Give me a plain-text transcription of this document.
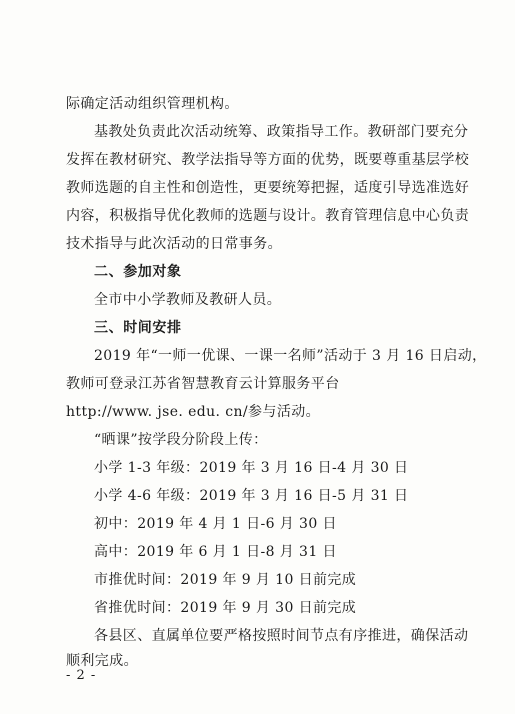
际确定活动组织管理机构。
基教处负责此次活动统筹、政策指导工作。教研部门要充分
发挥在教材研究、教学法指导等方面的优势，既要尊重基层学校
教师选题的自主性和创造性，更要统筹把握，适度引导选准选好
内容，积极指导优化教师的选题与设计。教育管理信息中心负责
技术指导与此次活动的日常事务。
二、参加对象
全市中小学教师及教研人员。
三、时间安排
2019 年“一师一优课、一课一名师”活动于 3 月 16 日启动，
教师可登录江苏省智慧教育云计算服务平台
http://www. jse. edu. cn/参与活动。
“晒课”按学段分阶段上传：
小学 1-3 年级：2019 年 3 月 16 日-4 月 30 日
小学 4-6 年级：2019 年 3 月 16 日-5 月 31 日
初中：2019 年 4 月 1 日-6 月 30 日
高中：2019 年 6 月 1 日-8 月 31 日
市推优时间：2019 年 9 月 10 日前完成
省推优时间：2019 年 9 月 30 日前完成
各县区、直属单位要严格按照时间节点有序推进，确保活动
顺利完成。
- 2 -
